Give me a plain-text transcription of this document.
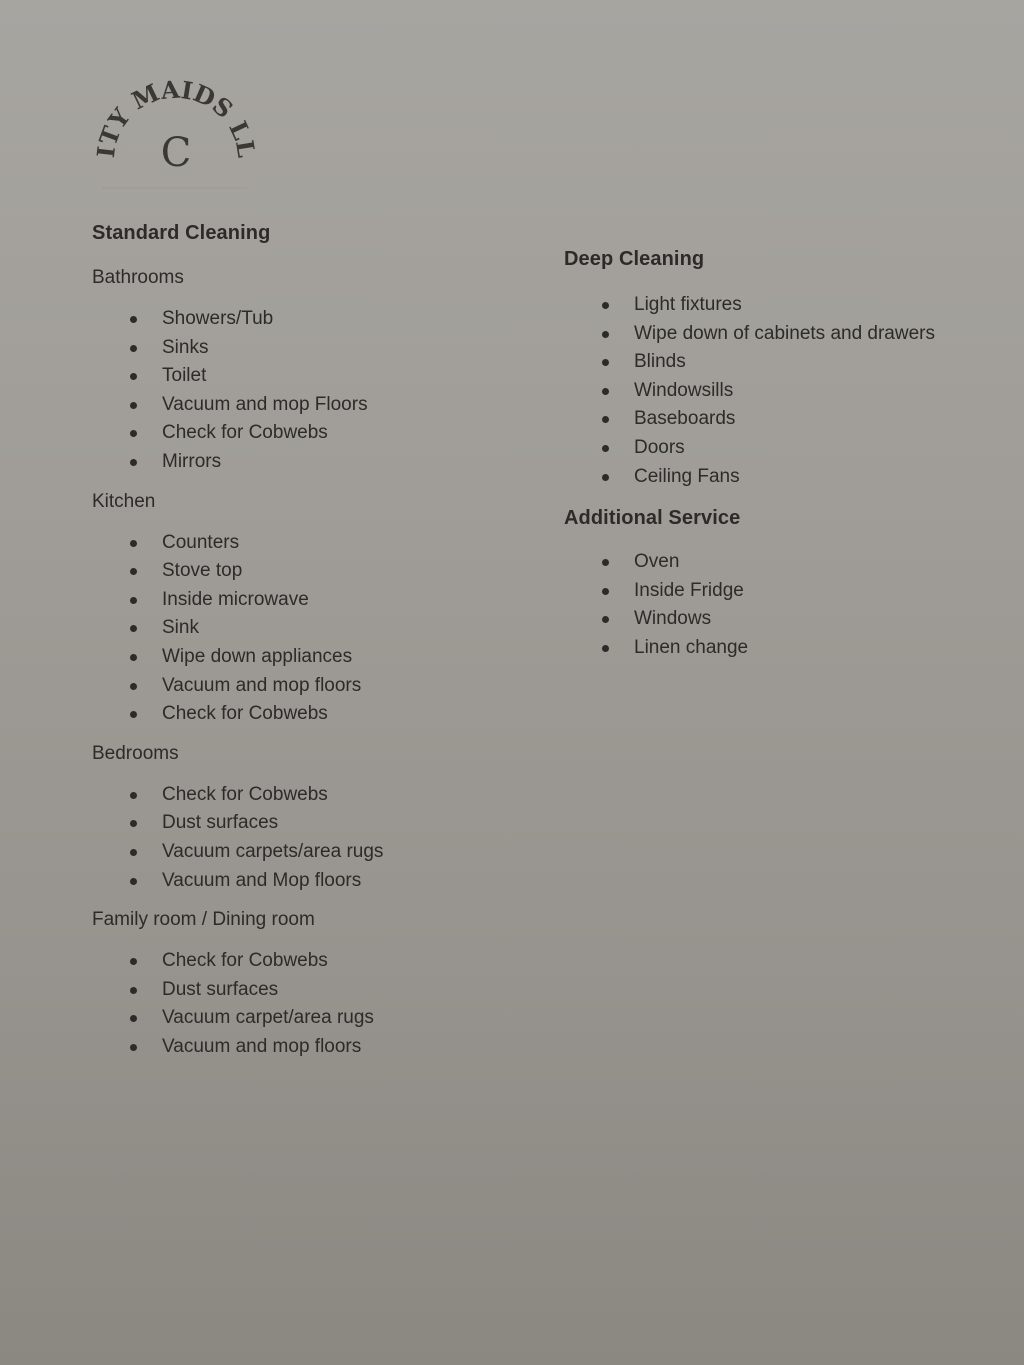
ITY MAIDS LL
C

Standard Cleaning

Bathrooms

Showers/Tub
Sinks
Toilet
Vacuum and mop Floors
Check for Cobwebs
Mirrors

Kitchen

Counters
Stove top
Inside microwave
Sink
Wipe down appliances
Vacuum and mop floors
Check for Cobwebs

Bedrooms

Check for Cobwebs
Dust surfaces
Vacuum carpets/area rugs
Vacuum and Mop floors

Family room / Dining room

Check for Cobwebs
Dust surfaces
Vacuum carpet/area rugs
Vacuum and mop floors

Deep Cleaning

Light fixtures
Wipe down of cabinets and drawers
Blinds
Windowsills
Baseboards
Doors
Ceiling Fans

Additional Service

Oven
Inside Fridge
Windows
Linen change
